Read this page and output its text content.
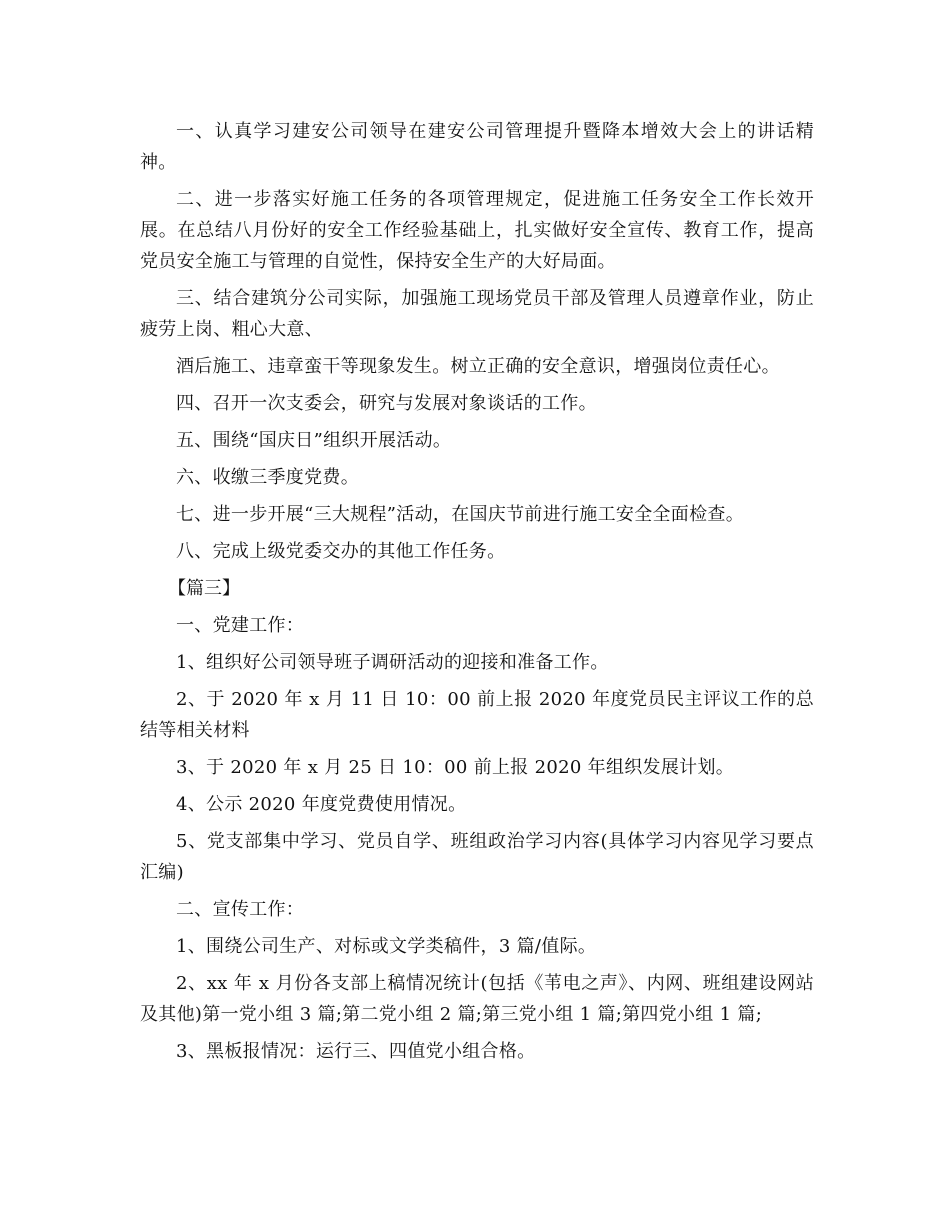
一、认真学习建安公司领导在建安公司管理提升暨降本增效大会上的讲话精神。

二、进一步落实好施工任务的各项管理规定，促进施工任务安全工作长效开展。在总结八月份好的安全工作经验基础上，扎实做好安全宣传、教育工作，提高党员安全施工与管理的自觉性，保持安全生产的大好局面。

三、结合建筑分公司实际，加强施工现场党员干部及管理人员遵章作业，防止疲劳上岗、粗心大意、

酒后施工、违章蛮干等现象发生。树立正确的安全意识，增强岗位责任心。

四、召开一次支委会，研究与发展对象谈话的工作。

五、围绕“国庆日”组织开展活动。

六、收缴三季度党费。

七、进一步开展“三大规程”活动，在国庆节前进行施工安全全面检查。

八、完成上级党委交办的其他工作任务。

【篇三】

一、党建工作：

1、组织好公司领导班子调研活动的迎接和准备工作。

2、于 2020 年 x 月 11 日 10：00 前上报 2020 年度党员民主评议工作的总结等相关材料

3、于 2020 年 x 月 25 日 10：00 前上报 2020 年组织发展计划。

4、公示 2020 年度党费使用情况。

5、党支部集中学习、党员自学、班组政治学习内容(具体学习内容见学习要点汇编)

二、宣传工作：

1、围绕公司生产、对标或文学类稿件，3 篇/值际。

2、xx 年 x 月份各支部上稿情况统计(包括《苇电之声》、内网、班组建设网站及其他)第一党小组 3 篇;第二党小组 2 篇;第三党小组 1 篇;第四党小组 1 篇;

3、黑板报情况：运行三、四值党小组合格。
